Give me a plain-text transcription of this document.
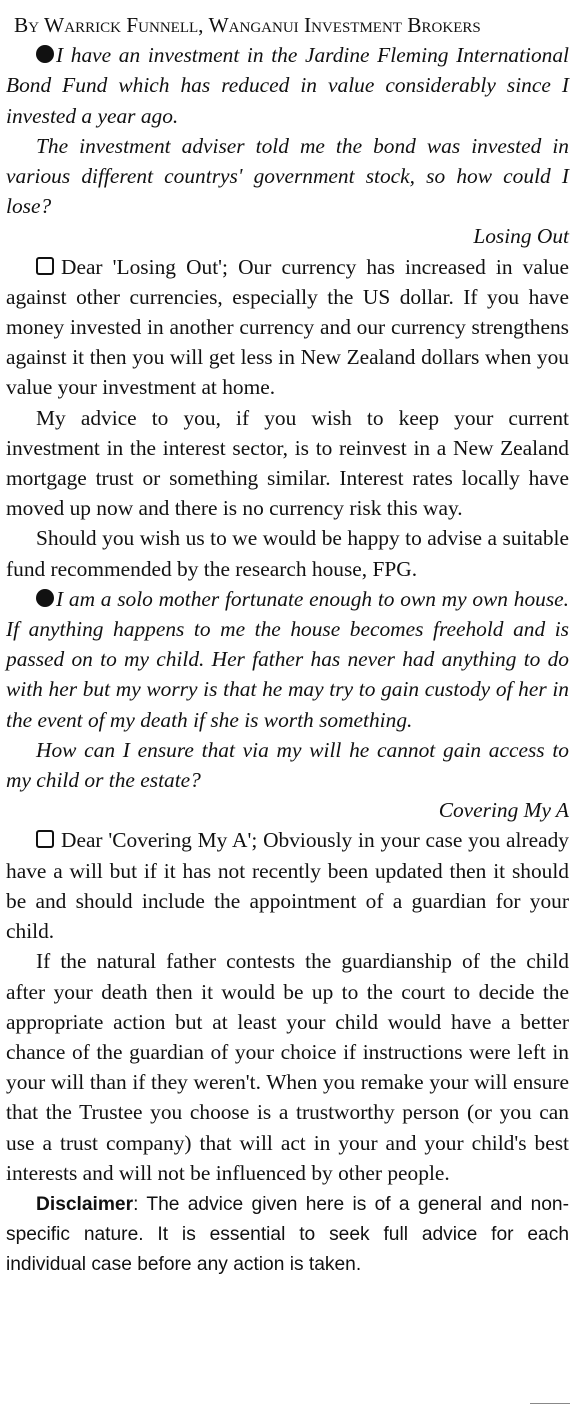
By Warrick Funnell, Wanganui Investment Brokers

I have an investment in the Jardine Fleming International Bond Fund which has reduced in value considerably since I invested a year ago.

The investment adviser told me the bond was invested in various different countrys' government stock, so how could I lose?

Losing Out

Dear 'Losing Out'; Our currency has increased in value against other currencies, especially the US dollar. If you have money invested in another currency and our currency strengthens against it then you will get less in New Zealand dollars when you value your investment at home.

My advice to you, if you wish to keep your current investment in the interest sector, is to reinvest in a New Zealand mortgage trust or something similar. Interest rates locally have moved up now and there is no currency risk this way.

Should you wish us to we would be happy to advise a suitable fund recommended by the research house, FPG.

I am a solo mother fortunate enough to own my own house. If anything happens to me the house becomes freehold and is passed on to my child. Her father has never had anything to do with her but my worry is that he may try to gain custody of her in the event of my death if she is worth something.

How can I ensure that via my will he cannot gain access to my child or the estate?

Covering My A

Dear 'Covering My A'; Obviously in your case you already have a will but if it has not recently been updated then it should be and should include the appointment of a guardian for your child.

If the natural father contests the guardianship of the child after your death then it would be up to the court to decide the appropriate action but at least your child would have a better chance of the guardian of your choice if instructions were left in your will than if they weren't. When you remake your will ensure that the Trustee you choose is a trustworthy person (or you can use a trust company) that will act in your and your child's best interests and will not be influenced by other people.

Disclaimer: The advice given here is of a general and non-specific nature. It is essential to seek full advice for each individual case before any action is taken.
